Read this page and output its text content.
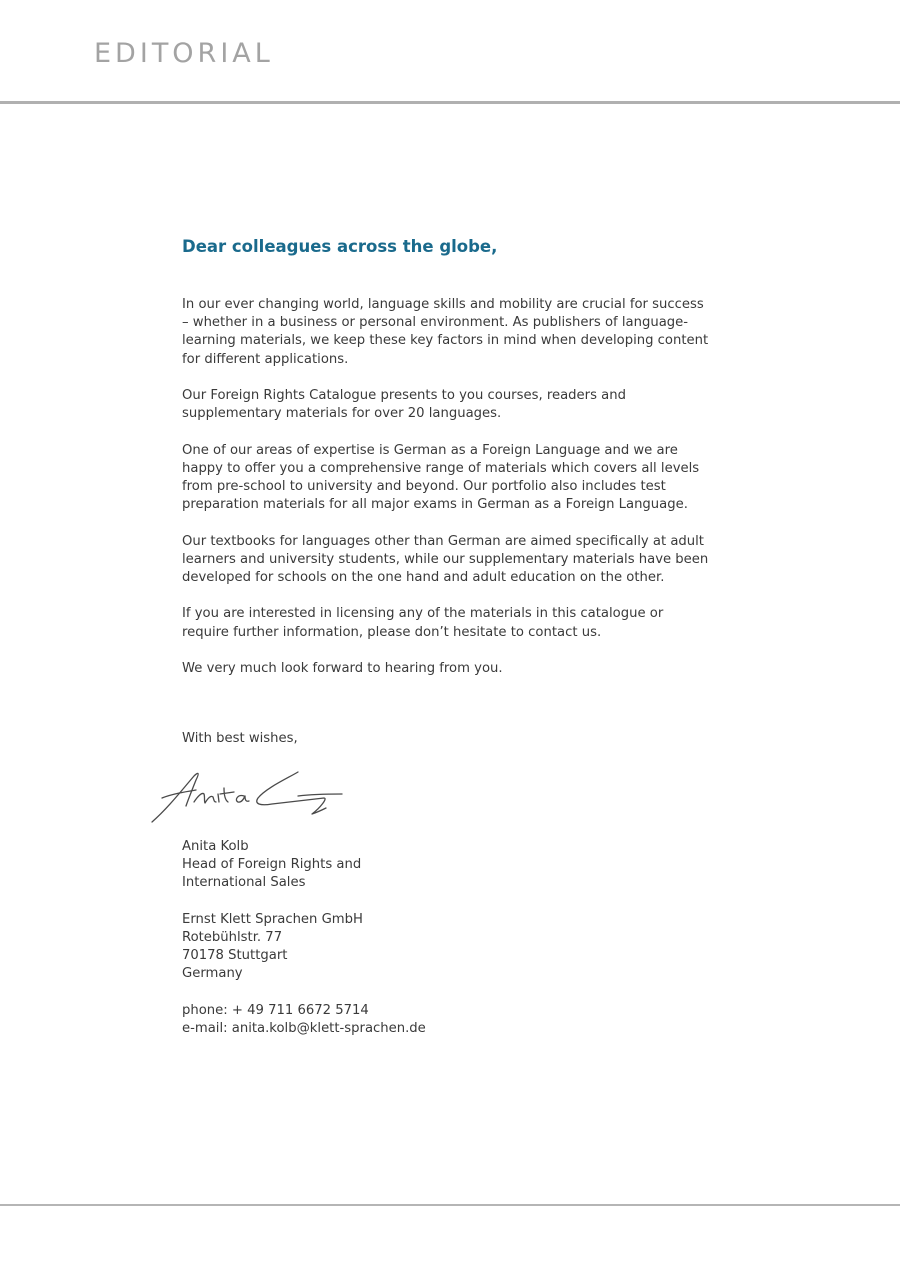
EDITORIAL
Dear colleagues across the globe,

In our ever changing world, language skills and mobility are crucial for success – whether in a business or personal environment. As publishers of language-learning materials, we keep these key factors in mind when developing content for different applications.

Our Foreign Rights Catalogue presents to you courses, readers and supplementary materials for over 20 languages.

One of our areas of expertise is German as a Foreign Language and we are happy to offer you a comprehensive range of materials which covers all levels from pre-school to university and beyond. Our portfolio also includes test preparation materials for all major exams in German as a Foreign Language.

Our textbooks for languages other than German are aimed specifically at adult learners and university students, while our supplementary materials have been developed for schools on the one hand and adult education on the other.

If you are interested in licensing any of the materials in this catalogue or require further information, please don’t hesitate to contact us.

We very much look forward to hearing from you.

With best wishes,
Anita Kolb
Head of Foreign Rights and
International Sales
Ernst Klett Sprachen GmbH
Rotebühlstr. 77
70178 Stuttgart
Germany
phone: + 49 711 6672 5714
e-mail: anita.kolb@klett-sprachen.de
